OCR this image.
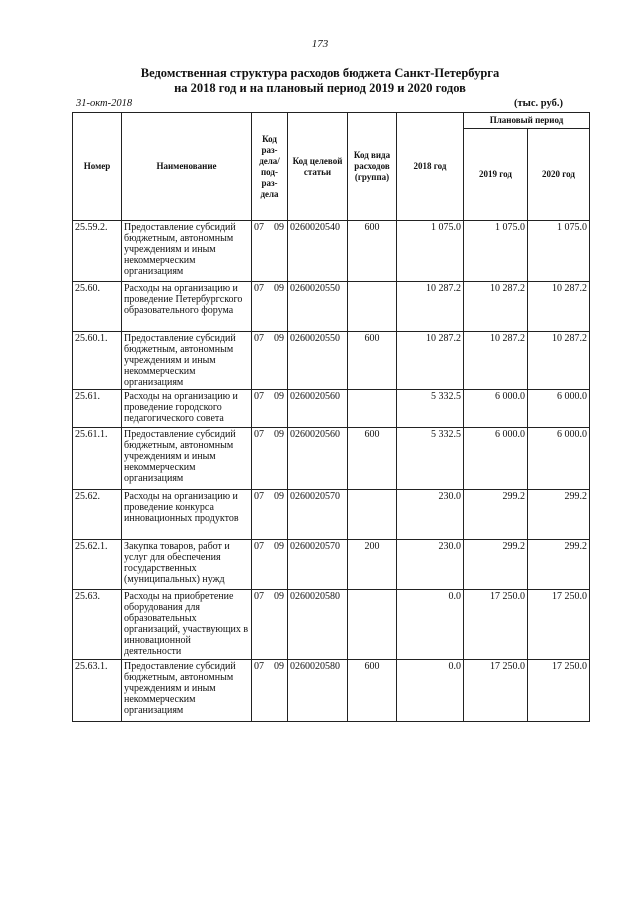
173
Ведомственная структура расходов бюджета Санкт-Петербурга
на 2018 год и на плановый период 2019 и 2020 годов
31-окт-2018	(тыс. руб.)
Номер	Наименование	Код раз- дела/ под- раз- дела	Код целевой статьи	Код вида расходов (группа)	2018 год	Плановый период	
						2019 год	2020 год
25.59.2.	Предоставление субсидий бюджетным, автономным учреждениям и иным некоммерческим организациям	07 09	0260020540	600	1 075.0	1 075.0	1 075.0
25.60.	Расходы на организацию и проведение Петербургского образовательного форума	07 09	0260020550		10 287.2	10 287.2	10 287.2
25.60.1.	Предоставление субсидий бюджетным, автономным учреждениям и иным некоммерческим организациям	07 09	0260020550	600	10 287.2	10 287.2	10 287.2
25.61.	Расходы на организацию и проведение городского педагогического совета	07 09	0260020560		5 332.5	6 000.0	6 000.0
25.61.1.	Предоставление субсидий бюджетным, автономным учреждениям и иным некоммерческим организациям	07 09	0260020560	600	5 332.5	6 000.0	6 000.0
25.62.	Расходы на организацию и проведение конкурса инновационных продуктов	07 09	0260020570		230.0	299.2	299.2
25.62.1.	Закупка товаров, работ и услуг для обеспечения государственных (муниципальных) нужд	07 09	0260020570	200	230.0	299.2	299.2
25.63.	Расходы на приобретение оборудования для образовательных организаций, участвующих в инновационной деятельности	07 09	0260020580		0.0	17 250.0	17 250.0
25.63.1.	Предоставление субсидий бюджетным, автономным учреждениям и иным некоммерческим организациям	07 09	0260020580	600	0.0	17 250.0	17 250.0
